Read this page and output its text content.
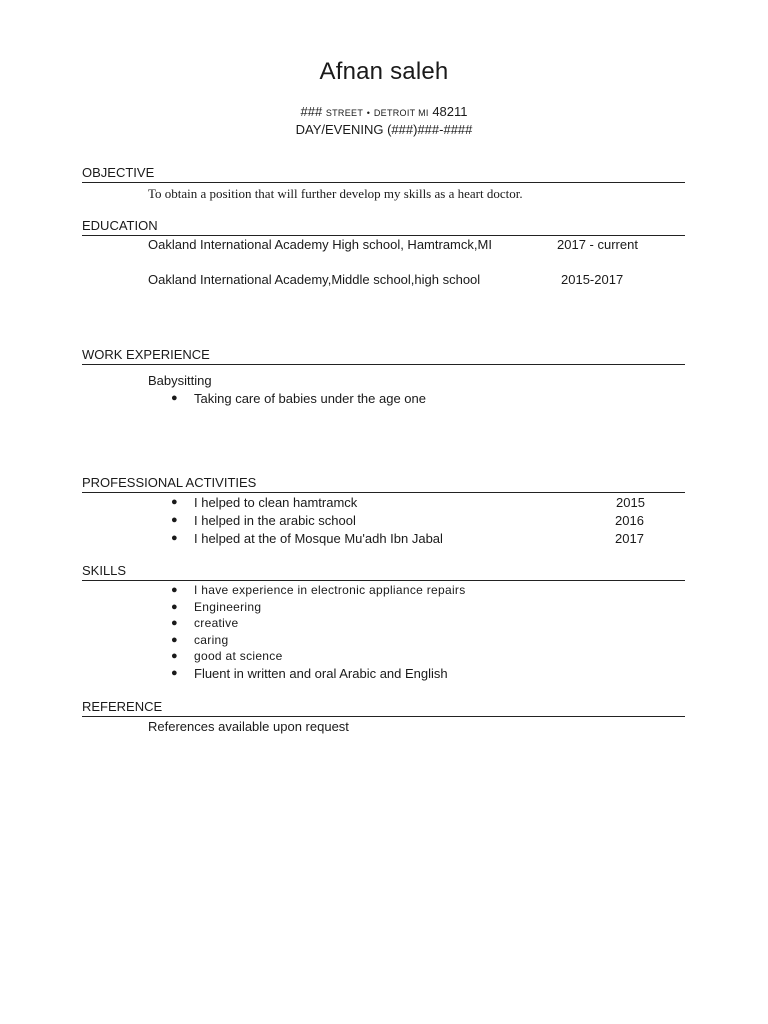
Afnan saleh
### STREET • DETROIT MI 48211
DAY/EVENING (###)###-####
OBJECTIVE
To obtain a position that will further develop my skills as a heart doctor.
EDUCATION
Oakland International Academy High school, Hamtramck,MI	2017 - current
Oakland International Academy,Middle school,high school	2015-2017
WORK EXPERIENCE
Babysitting
● Taking care of babies under the age one
PROFESSIONAL ACTIVITIES
● I helped to clean hamtramck	2015
● I helped in the arabic school	2016
● I helped at the of Mosque Mu'adh Ibn Jabal	2017
SKILLS
● I have experience in electronic appliance repairs
● Engineering
● creative
● caring
● good at science
● Fluent in written and oral Arabic and English
REFERENCE
References available upon request
